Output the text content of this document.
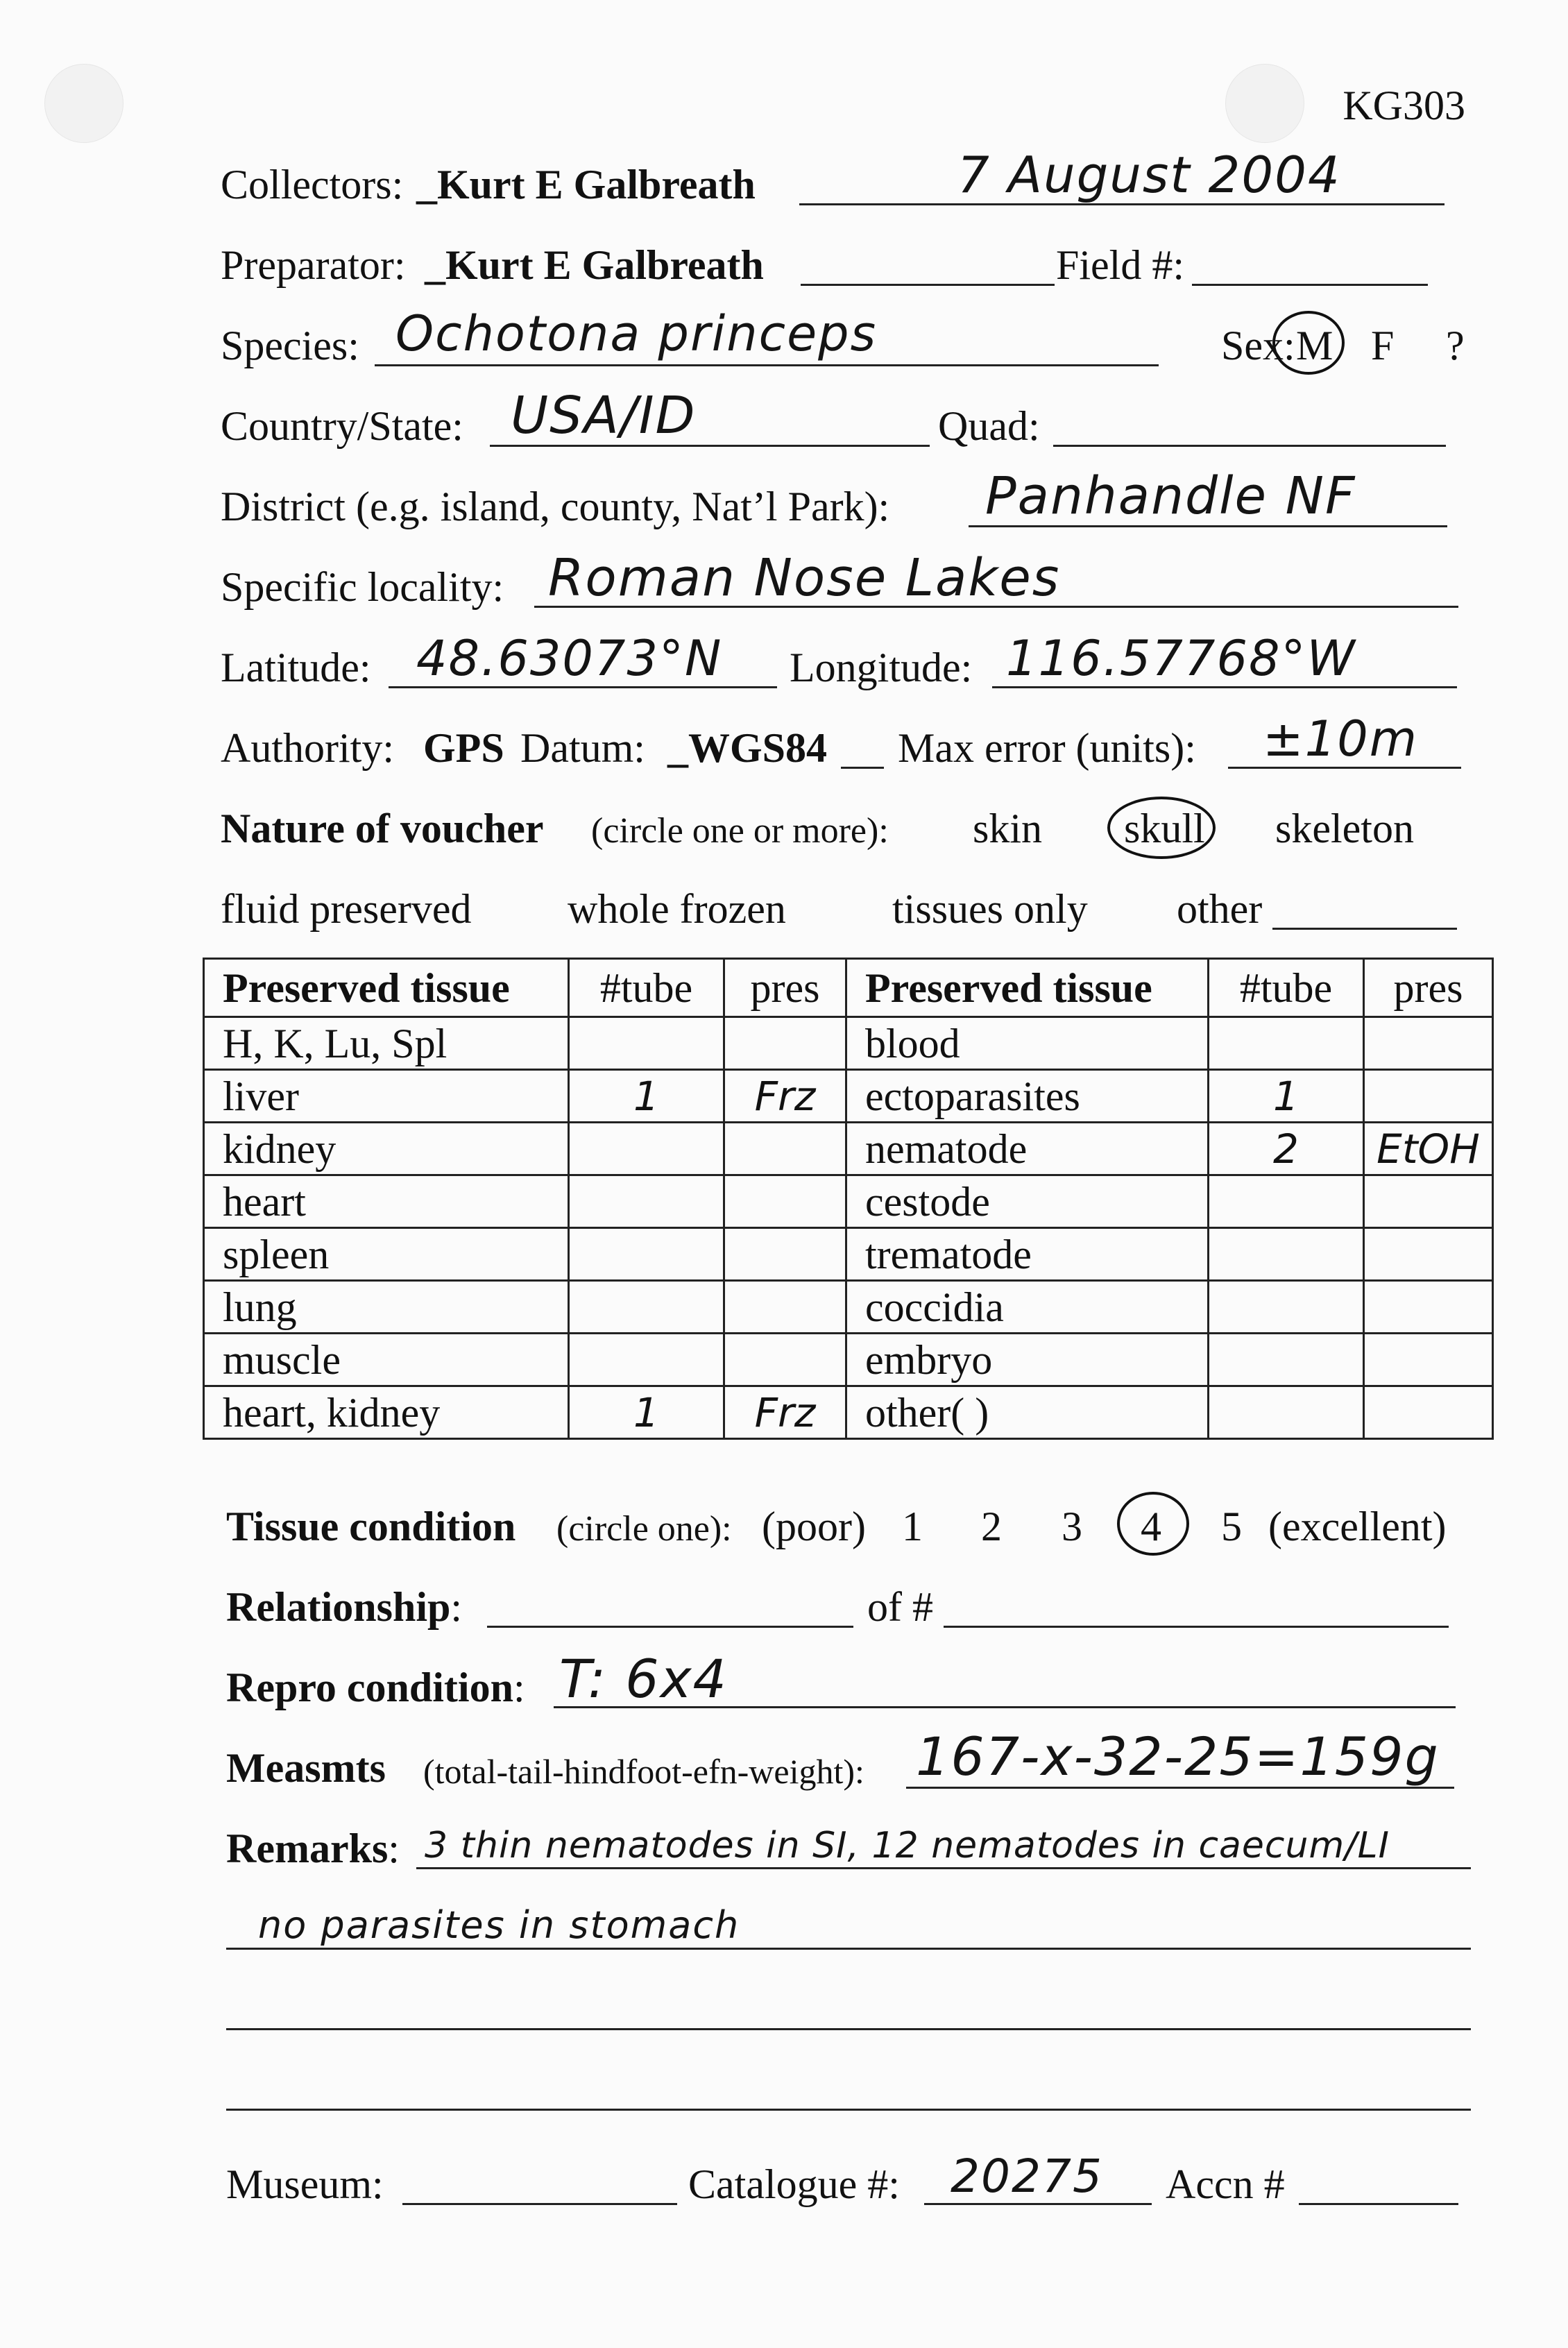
KG303
Collectors: _Kurt E Galbreath	7 August 2004
Preparator: _Kurt E Galbreath	Field #:
Species: Ochotona princeps	Sex: M F ?
Country/State: USA/ID	Quad:
District (e.g. island, county, Nat’l Park): Panhandle NF
Specific locality: Roman Nose Lakes
Latitude: 48.63073°N Longitude: 116.57768°W
Authority: GPS Datum: _WGS84 Max error (units): ±10m
Nature of voucher (circle one or more): skin skull skeleton
fluid preserved whole frozen	tissues only other
Preserved tissue	#tube	pres	Preserved tissue	#tube	pres
H, K, Lu, Spl			blood		
liver	1	Frz	ectoparasites	1	
kidney			nematode	2	EtOH
heart			cestode		
spleen			trematode		
lung			coccidia		
muscle			embryo		
heart, kidney	1	Frz	other( )		
Tissue condition (circle one): (poor) 1 2 3 4 5 (excellent)
Relationship:	of #
Repro condition: T: 6x4
Measmts (total-tail-hindfoot-efn-weight): 167-x-32-25=159g
Remarks: 3 thin nematodes in SI, 12 nematodes in caecum/LI
no parasites in stomach
Museum:	Catalogue #: 20275 Accn #
